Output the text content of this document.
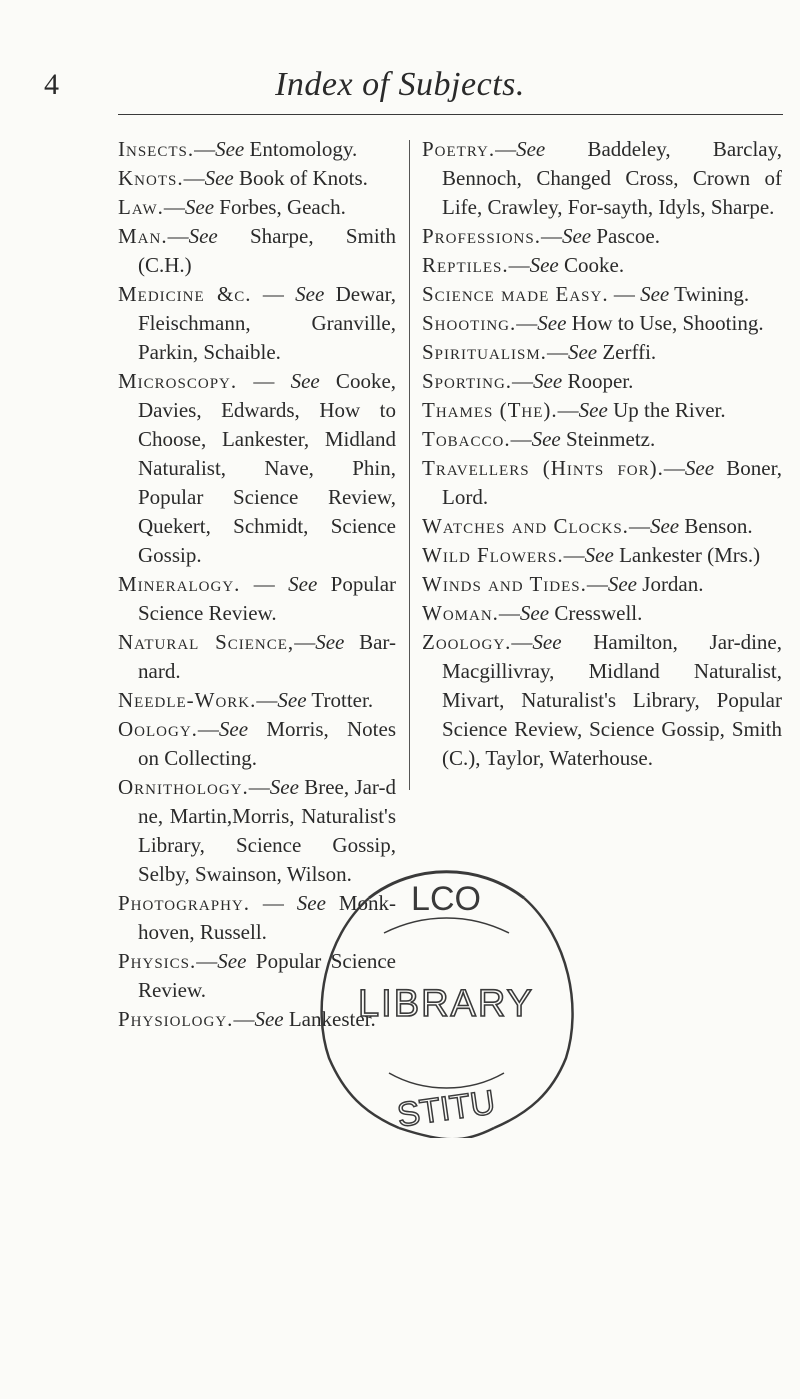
4	Index of Subjects.

Insects.—See Entomology.

Knots.—See Book of Knots.

Law.—See Forbes, Geach.

Man.—See Sharpe, Smith (C.H.)

Medicine &c. — See Dewar, Fleischmann, Granville, Parkin, Schaible.

Microscopy. — See Cooke, Davies, Edwards, How to Choose, Lankester, Midland Naturalist, Nave, Phin, Popular Science Review, Quekert, Schmidt, Science Gossip.

Mineralogy. — See Popular Science Review.

Natural Science,—See Bar-nard.

Needle-Work.—See Trotter.

Oology.—See Morris, Notes on Collecting.

Ornithology.—See Bree, Jar-d ne, Martin,Morris, Naturalist's Library, Science Gossip, Selby, Swainson, Wilson.

Photography. — See Monk-hoven, Russell.

Physics.—See Popular Science Review.

Physiology.—See Lankester.

Poetry.—See Baddeley, Barclay, Bennoch, Changed Cross, Crown of Life, Crawley, For-sayth, Idyls, Sharpe.

Professions.—See Pascoe.

Reptiles.—See Cooke.

Science made Easy. — See Twining.

Shooting.—See How to Use, Shooting.

Spiritualism.—See Zerffi.

Sporting.—See Rooper.

Thames (The).—See Up the River.

Tobacco.—See Steinmetz.

Travellers (Hints for).—See Boner, Lord.

Watches and Clocks.—See Benson.

Wild Flowers.—See Lankester (Mrs.)

Winds and Tides.—See Jordan.

Woman.—See Cresswell.

Zoology.—See Hamilton, Jar-dine, Macgillivray, Midland Naturalist, Mivart, Naturalist's Library, Popular Science Review, Science Gossip, Smith (C.), Taylor, Waterhouse.

LCO
LIBRARY
STITU
